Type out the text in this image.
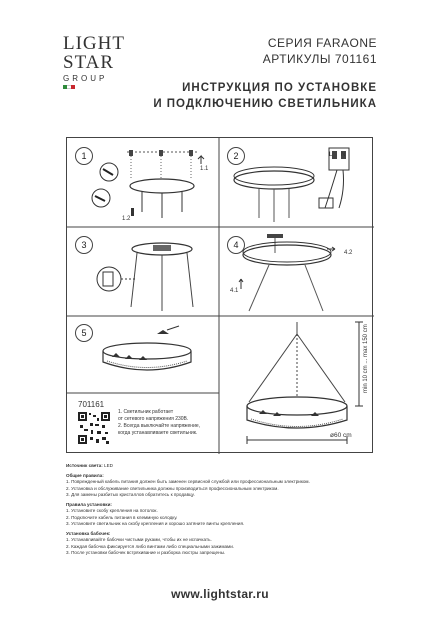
LIGHT
STAR
GROUP
СЕРИЯ FARAONE
АРТИКУЛЫ 701161
ИНСТРУКЦИЯ ПО УСТАНОВКЕ
И ПОДКЛЮЧЕНИЮ СВЕТИЛЬНИКА
1
1.1
1.2
2	L N
3	4
4.2
4.1
5
ø60 cm
min 10 cm ... max 150 cm
701161
1. Светильник работает
от сетевого напряжения 230В.
2. Всегда выключайте напряжение,
когда устанавливаете светильник.
Источник света: LED
Общие правила:
1. Поврежденный кабель питания должен быть заменен сервисной службой или профессиональным электриком.
2. Установка и обслуживание светильника должны производиться профессиональным электриком.
3. Для замены разбитых кристаллов обратитесь к продавцу.
Правила установки:
1. Установите скобу крепления на потолок.
2. Подключите кабель питания в клеммную колодку.
3. Установите светильник на скобу крепления и хорошо затяните винты крепления.
Установка бабочек:
1. Устанавливайте бабочки чистыми руками, чтобы их не испачкать.
2. Каждая бабочка фиксируется либо винтами либо специальными зажимами.
3. После установки бабочек встряхивание и разборка люстры запрещены.
www.lightstar.ru
